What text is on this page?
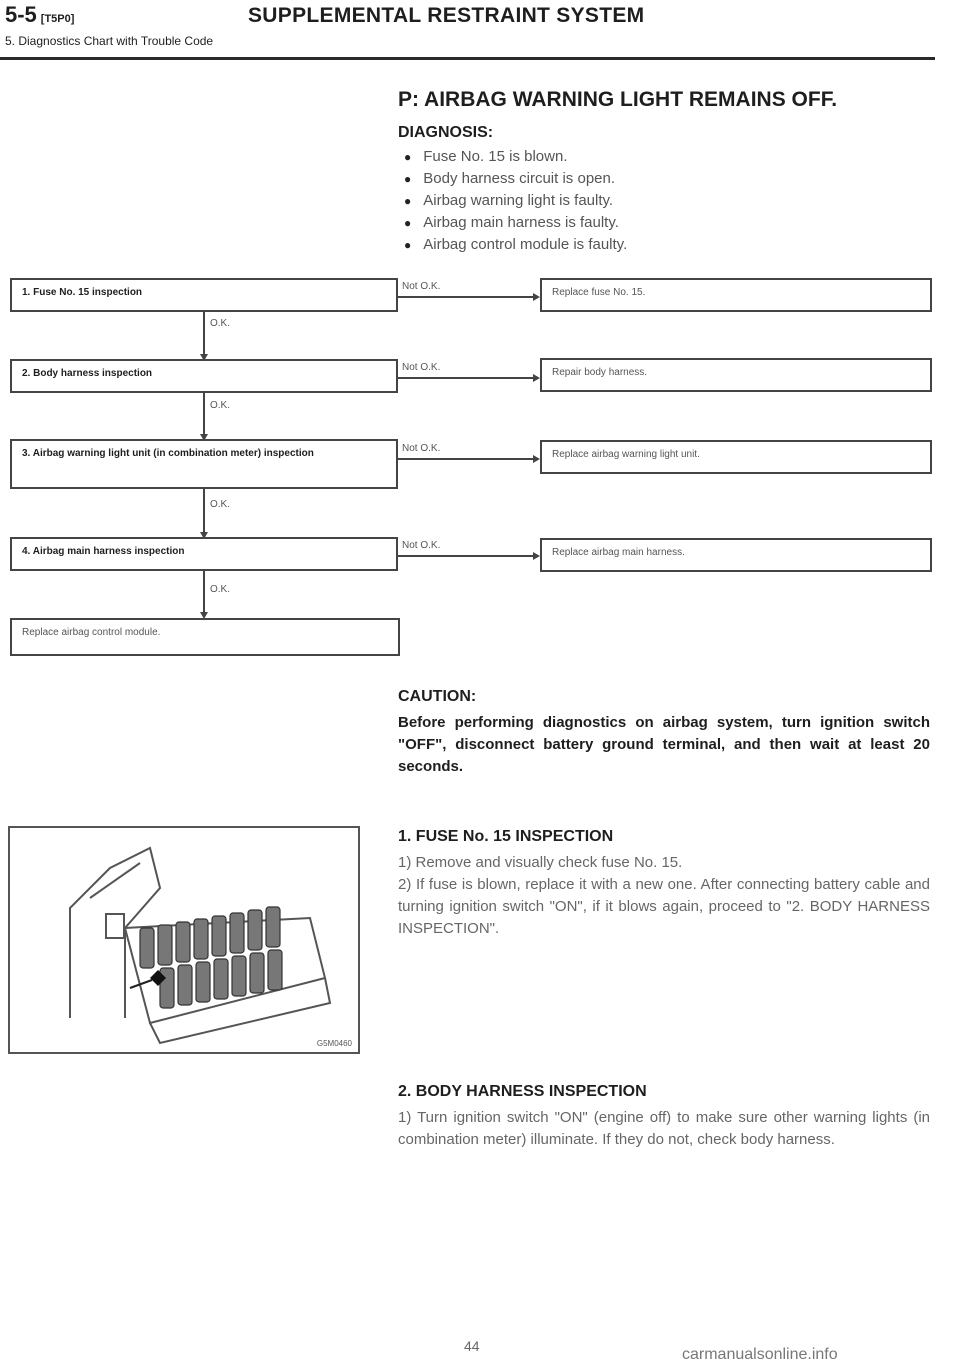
5-5 [T5P0]	SUPPLEMENTAL RESTRAINT SYSTEM
5. Diagnostics Chart with Trouble Code
P: AIRBAG WARNING LIGHT REMAINS OFF.
DIAGNOSIS:
● Fuse No. 15 is blown.
● Body harness circuit is open.
● Airbag warning light is faulty.
● Airbag main harness is faulty.
● Airbag control module is faulty.
1. Fuse No. 15 inspection
Not O.K.
Replace fuse No. 15.
O.K.
2. Body harness inspection
Not O.K.	Repair body harness.
O.K.
3. Airbag warning light unit (in combination meter) inspection	Not O.K.
Replace airbag warning light unit.
O.K.
4. Airbag main harness inspection
Not O.K.
Replace airbag main harness.
O.K.
Replace airbag control module.
CAUTION:
Before performing diagnostics on airbag system, turn ignition switch "OFF", disconnect battery ground terminal, and then wait at least 20 seconds.
G5M0460
1. FUSE No. 15 INSPECTION
1) Remove and visually check fuse No. 15.
2) If fuse is blown, replace it with a new one. After connecting battery cable and turning ignition switch "ON", if it blows again, proceed to "2. BODY HARNESS INSPECTION".
2. BODY HARNESS INSPECTION
1) Turn ignition switch "ON" (engine off) to make sure other warning lights (in combination meter) illuminate. If they do not, check body harness.
44	carmanualsonline.info
